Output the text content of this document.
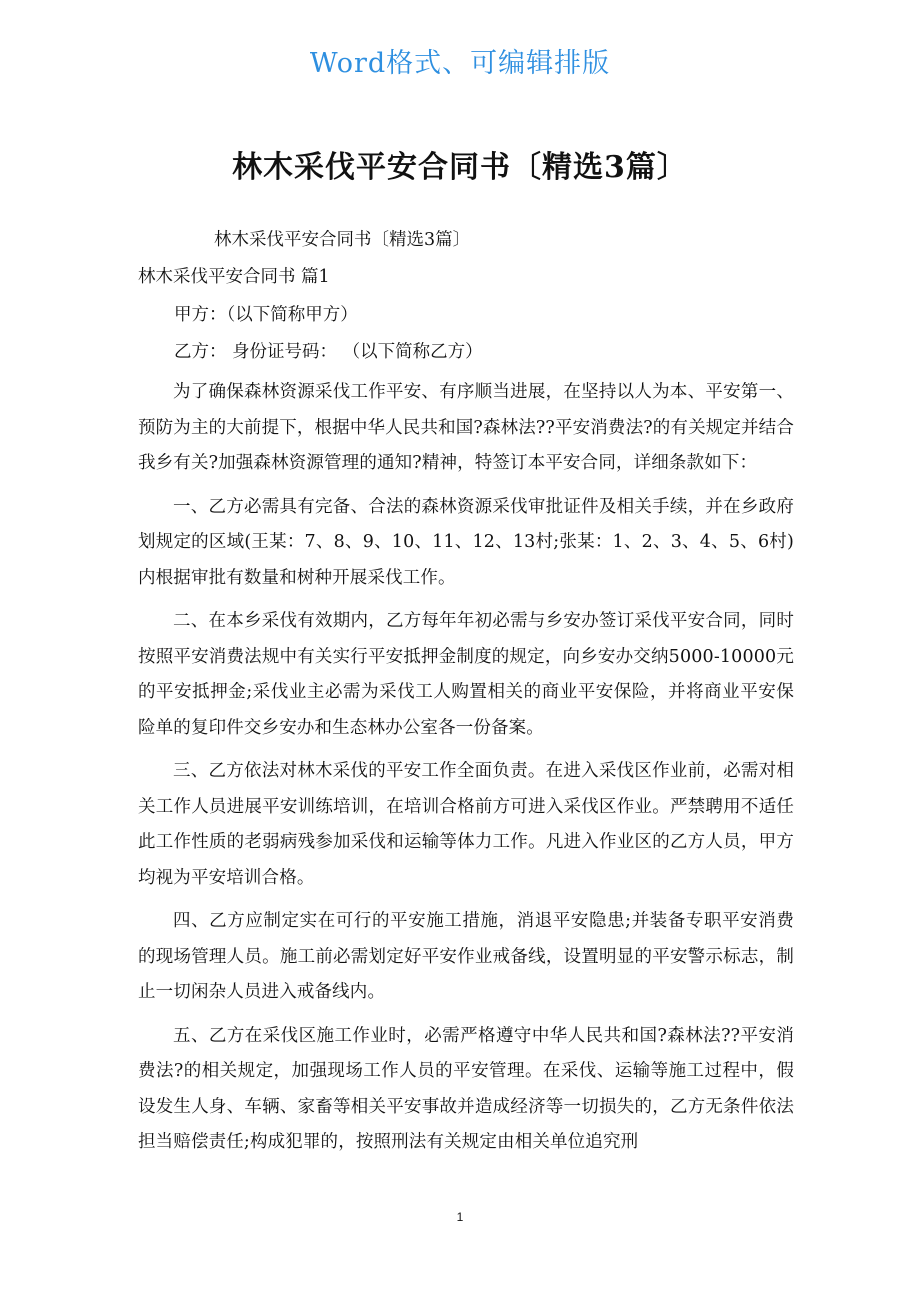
Word格式、可编辑排版
林木采伐平安合同书〔精选3篇〕
林木采伐平安合同书〔精选3篇〕
林木采伐平安合同书 篇1
甲方：（以下简称甲方）
乙方： 身份证号码： （以下简称乙方）

为了确保森林资源采伐工作平安、有序顺当进展，在坚持以人为本、平安第一、预防为主的大前提下，根据中华人民共和国?森林法??平安消费法?的有关规定并结合我乡有关?加强森林资源管理的通知?精神，特签订本平安合同，详细条款如下：

一、乙方必需具有完备、合法的森林资源采伐审批证件及相关手续，并在乡政府划规定的区域(王某：7、8、9、10、11、12、13村;张某：1、2、3、4、5、6村)内根据审批有数量和树种开展采伐工作。

二、在本乡采伐有效期内，乙方每年年初必需与乡安办签订采伐平安合同，同时按照平安消费法规中有关实行平安抵押金制度的规定，向乡安办交纳5000-10000元的平安抵押金;采伐业主必需为采伐工人购置相关的商业平安保险，并将商业平安保险单的复印件交乡安办和生态林办公室各一份备案。

三、乙方依法对林木采伐的平安工作全面负责。在进入采伐区作业前，必需对相关工作人员进展平安训练培训，在培训合格前方可进入采伐区作业。严禁聘用不适任此工作性质的老弱病残参加采伐和运输等体力工作。凡进入作业区的乙方人员，甲方均视为平安培训合格。

四、乙方应制定实在可行的平安施工措施，消退平安隐患;并装备专职平安消费的现场管理人员。施工前必需划定好平安作业戒备线，设置明显的平安警示标志，制止一切闲杂人员进入戒备线内。

五、乙方在采伐区施工作业时，必需严格遵守中华人民共和国?森林法??平安消费法?的相关规定，加强现场工作人员的平安管理。在采伐、运输等施工过程中，假设发生人身、车辆、家畜等相关平安事故并造成经济等一切损失的，乙方无条件依法担当赔偿责任;构成犯罪的，按照刑法有关规定由相关单位追究刑

1
